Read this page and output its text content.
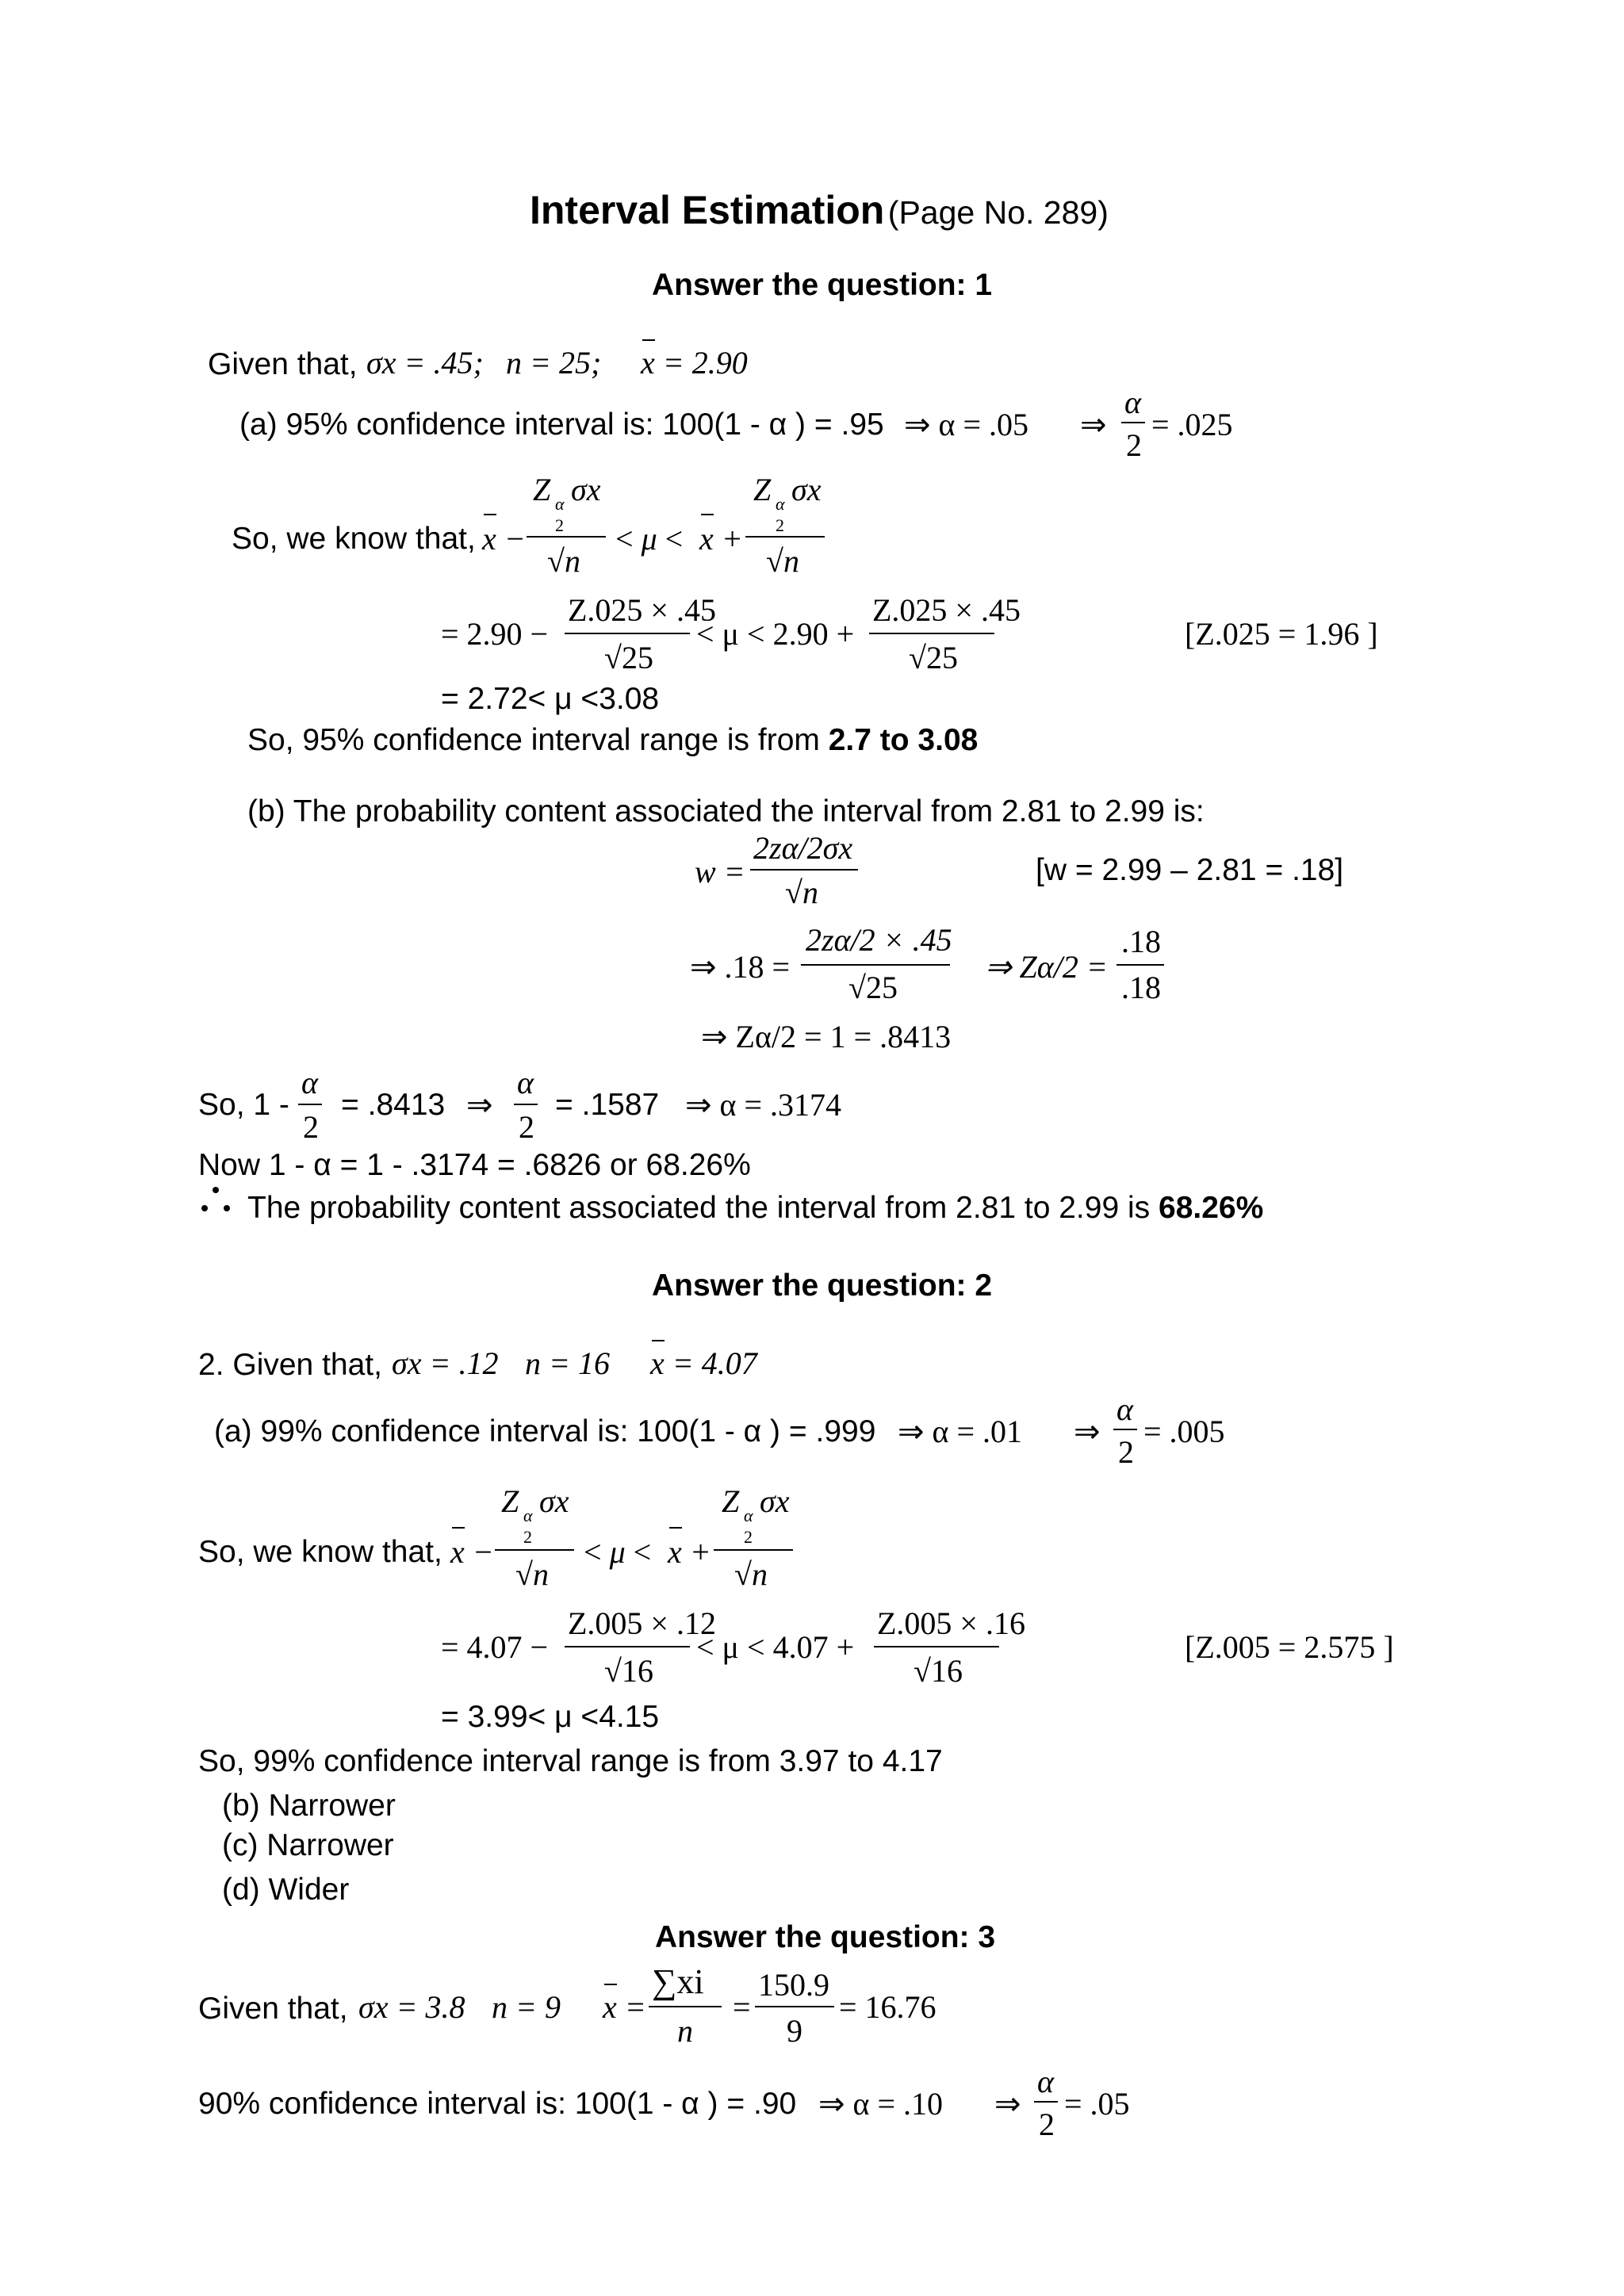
Interval Estimation (Page No. 289)
Answer the question: 1
Given that, σx = .45; n = 25; x = 2.90
(a) 95% confidence interval is: 100(1 - α ) = .95 ⇒ α = .05 ⇒
α
2
= .025
So, we know that, x −
Z α
2
σx
√n
< μ < x +
Z α
2
σx
√n
= 2.90 −
Z.025 × .45
√25
< μ < 2.90 +
Z.025 × .45
√25
[Z.025 = 1.96 ]
= 2.72< μ <3.08
So, 95% confidence interval range is from 2.7 to 3.08
(b) The probability content associated the interval from 2.81 to 2.99 is:
w =
2zα/2σx
√n
[w = 2.99 – 2.81 = .18]
⇒ .18 =
2zα/2 × .45
√25
⇒ Zα/2 =
.18
.18
⇒ Zα/2 = 1 = .8413
So, 1 -
α
2
= .8413 ⇒
α
2
= .1587 ⇒ α = .3174
Now 1 - α = 1 - .3174 = .6826 or 68.26%
The probability content associated the interval from 2.81 to 2.99 is 68.26%
Answer the question: 2
2. Given that, σx = .12 n = 16 x = 4.07
(a) 99% confidence interval is: 100(1 - α ) = .999 ⇒ α = .01 ⇒
α
2
= .005
So, we know that, x −
Z α
2
σx
√n
< μ < x +
Z α
2
σx
√n
= 4.07 −
Z.005 × .12
√16
< μ < 4.07 +
Z.005 × .16
√16
[Z.005 = 2.575 ]
= 3.99< μ <4.15
So, 99% confidence interval range is from 3.97 to 4.17
(b) Narrower
(c) Narrower
(d) Wider
Answer the question: 3
Given that, σx = 3.8 n = 9 x =
∑xi
n
=
150.9
9
= 16.76
90% confidence interval is: 100(1 - α ) = .90 ⇒ α = .10 ⇒
α
2
= .05
